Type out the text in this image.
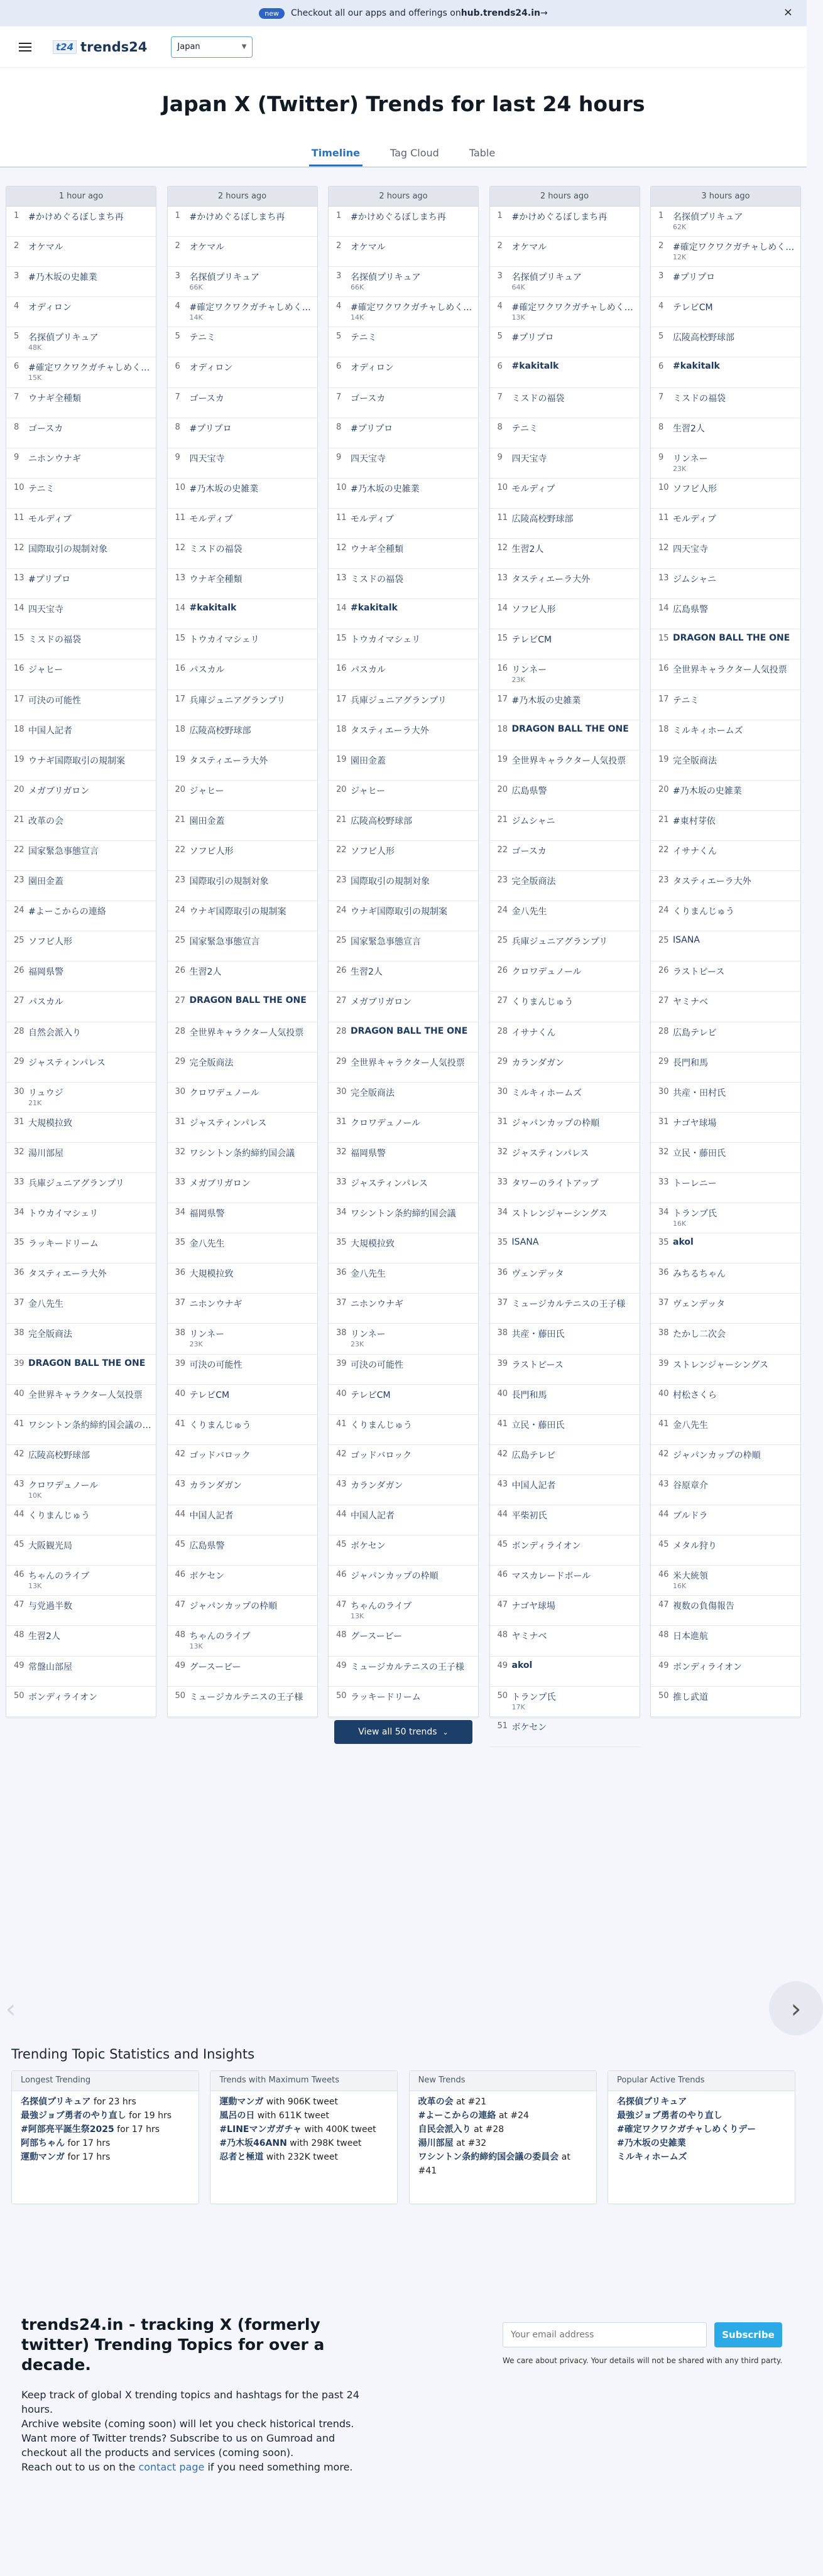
new	Checkout all our apps and offerings on hub.trends24.in →	×
t24 trends24	Japan	▼
Japan X (Twitter) Trends for last 24 hours
Timeline	Tag Cloud	Table
1 hour ago
1	#かけめぐるぼしまち再
2	オケマル
3	#乃木坂の史雑業
4	オディロン
5	名探偵プリキュア
48K
6	#確定ワクワクガチャしめく…
15K
7	ウナギ全種類
8	ゴースカ
9	ニホンウナギ
10 テニミ
11 モルディブ
12 国際取引の規制対象
13 #プリプロ
14 四天宝寺
15 ミスドの福袋
16 ジャヒー
17 可決の可能性
18 中国人記者
19 ウナギ国際取引の規制案
20 メガブリガロン
21 改革の会
22 国家緊急事態宣言
23 園田金蓋
24 #よーこからの連絡
25 ソフビ人形
26 福岡県警
27 パスカル
28 自然会派入り
29 ジャスティンパレス
30 リュウジ
21K
31 大規模拉致
32 湯川部屋
33 兵庫ジュニアグランプリ
34 トウカイマシェリ
35 ラッキードリーム
36 タスティエーラ大外
37 金八先生
38 完全版商法
39 DRAGON BALL THE ONE
40 全世界キャラクター人気投票
41 ワシントン条約締約国会議の…
42 広陵高校野球部
43 クロワデュノール
10K
44 くりまんじゅう
45 大阪観光局
46 ちゃんのライブ
13K
47 与党過半数
48 生習2人
49 常盤山部屋
50 ボンディライオン
2 hours ago
1	#かけめぐるぼしまち再
2	オケマル
3	名探偵プリキュア
66K
4	#確定ワクワクガチャしめく…
14K
5	テニミ
6	オディロン
7	ゴースカ
8	#プリプロ
9	四天宝寺
10 #乃木坂の史雑業
11 モルディブ
12 ミスドの福袋
13 ウナギ全種類
14 #kakitalk
15 トウカイマシェリ
16 パスカル
17 兵庫ジュニアグランプリ
18 広陵高校野球部
19 タスティエーラ大外
20 ジャヒー
21 園田金蓋
22 ソフビ人形
23 国際取引の規制対象
24 ウナギ国際取引の規制案
25 国家緊急事態宣言
26 生習2人
27 DRAGON BALL THE ONE
28 全世界キャラクター人気投票
29 完全版商法
30 クロワデュノール
31 ジャスティンパレス
32 ワシントン条約締約国会議
33 メガブリガロン
34 福岡県警
35 金八先生
36 大規模拉致
37 ニホンウナギ
38 リンネー
23K
39 可決の可能性
40 テレビCM
41 くりまんじゅう
42 ゴッドバロック
43 カランダガン
44 中国人記者
45 広島県警
46 ボケセン
47 ジャパンカップの枠順
48 ちゃんのライブ
13K
49 グースービー
50 ミュージカルテニスの王子様
2 hours ago
1	#かけめぐるぼしまち再
2	オケマル
3	名探偵プリキュア
66K
4	#確定ワクワクガチャしめく…
14K
5	テニミ
6	オディロン
7	ゴースカ
8	#プリプロ
9	四天宝寺
10 #乃木坂の史雑業
11 モルディブ
12 ウナギ全種類
13 ミスドの福袋
14 #kakitalk
15 トウカイマシェリ
16 パスカル
17 兵庫ジュニアグランプリ
18 タスティエーラ大外
19 園田金蓋
20 ジャヒー
21 広陵高校野球部
22 ソフビ人形
23 国際取引の規制対象
24 ウナギ国際取引の規制案
25 国家緊急事態宣言
26 生習2人
27 メガブリガロン
28 DRAGON BALL THE ONE
29 全世界キャラクター人気投票
30 完全版商法
31 クロワデュノール
32 福岡県警
33 ジャスティンパレス
34 ワシントン条約締約国会議
35 大規模拉致
36 金八先生
37 ニホンウナギ
38 リンネー
23K
39 可決の可能性
40 テレビCM
41 くりまんじゅう
42 ゴッドバロック
43 カランダガン
44 中国人記者
45 ボケセン
46 ジャパンカップの枠順
47 ちゃんのライブ
13K
48 グースービー
49 ミュージカルテニスの王子様
50 ラッキードリーム
2 hours ago
1	#かけめぐるぼしまち再
2	オケマル
3	名探偵プリキュア
64K
4	#確定ワクワクガチャしめく…
13K
5	#プリプロ
6	#kakitalk
7	ミスドの福袋
8	テニミ
9	四天宝寺
10 モルディブ
11 広陵高校野球部
12 生習2人
13 タスティエーラ大外
14 ソフビ人形
15 テレビCM
16 リンネー
23K
17 #乃木坂の史雑業
18 DRAGON BALL THE ONE
19 全世界キャラクター人気投票
20 広島県警
21 ジムシャニ
22 ゴースカ
23 完全版商法
24 金八先生
25 兵庫ジュニアグランプリ
26 クロワデュノール
27 くりまんじゅう
28 イサナくん
29 カランダガン
30 ミルキィホームズ
31 ジャパンカップの枠順
32 ジャスティンパレス
33 タワーのライトアップ
34 ストレンジャーシングス
35 ISANA
36 ヴェンデッタ
37 ミュージカルテニスの王子様
38 共産・藤田氏
39 ラストピース
40 長門和馬
41 立民・藤田氏
42 広島テレビ
43 中国人記者
44 平柴初氏
45 ボンディライオン
46 マスカレードボール
47 ナゴヤ球場
48 ヤミナベ
49 akol
50 トランプ氏
17K
51 ボケセン
3 hours ago
1	名探偵プリキュア
62K
2	#確定ワクワクガチャしめく…
12K
3	#プリプロ
4	テレビCM
5	広陵高校野球部
6	#kakitalk
7	ミスドの福袋
8	生習2人
9	リンネー
23K
10 ソフビ人形
11 モルディブ
12 四天宝寺
13 ジムシャニ
14 広島県警
15 DRAGON BALL THE ONE
16 全世界キャラクター人気投票
17 テニミ
18 ミルキィホームズ
19 完全版商法
20 #乃木坂の史雑業
21 #東村芽依
22 イサナくん
23 タスティエーラ大外
24 くりまんじゅう
25 ISANA
26 ラストピース
27 ヤミナベ
28 広島テレビ
29 長門和馬
30 共産・田村氏
31 ナゴヤ球場
32 立民・藤田氏
33 トーレニー
34 トランプ氏
16K
35 akol
36 みちるちゃん
37 ヴェンデッタ
38 たかし二次会
39 ストレンジャーシングス
40 村松さくら
41 金八先生
42 ジャパンカップの枠順
43 谷原章介
44 ブルドラ
45 メタル狩り
46 米大統領
16K
47 複数の負傷報告
48 日本進航
49 ボンディライオン
50 推し武道
View all 50 trends
⌄
‹	›
Trending Topic Statistics and Insights
Longest Trending
名探偵プリキュア for 23 hrs
最強ジョブ勇者のやり直し for 19 hrs
#阿部亮平誕生祭2025 for 17 hrs
阿部ちゃん for 17 hrs
運動マンガ for 17 hrs
Trends with Maximum Tweets
運動マンガ with 906K tweet
風呂の日 with 611K tweet
#LINEマンガガチャ with 400K tweet
#乃木坂46ANN with 298K tweet
忍者と極道 with 232K tweet
New Trends
改革の会 at #21
#よーこからの連絡 at #24
自民会派入り at #28
湯川部屋 at #32
ワシントン条約締約国会議の委員会 at #41
Popular Active Trends
名探偵プリキュア
最強ジョブ勇者のやり直し
#確定ワクワクガチャしめくりデー
#乃木坂の史雑業
ミルキィホームズ
trends24.in - tracking X (formerly twitter) Trending Topics for over a decade.

Keep track of global X trending topics and hashtags for the past 24 hours.

Archive website (coming soon) will let you check historical trends.

Want more of Twitter trends? Subscribe to us on Gumroad and checkout all the products and services (coming soon).

Reach out to us on the contact page if you need something more.

Your email address
Subscribe
We care about privacy. Your details will not be shared with any third party.
